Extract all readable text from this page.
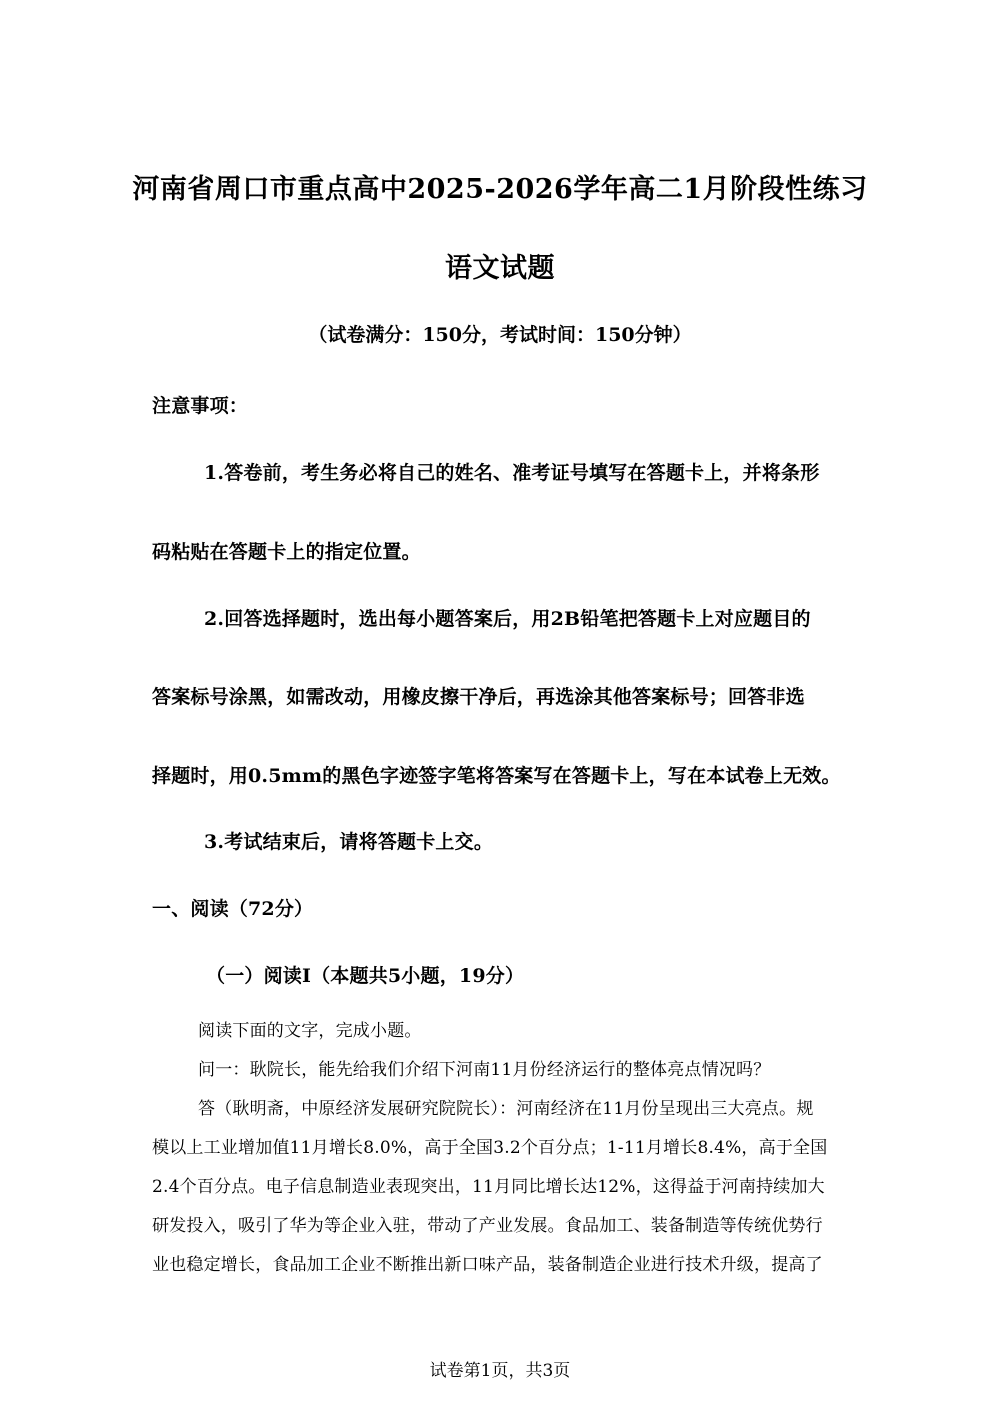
河南省周口市重点高中2025-2026学年高二1月阶段性练习
语文试题
（试卷满分：150分，考试时间：150分钟）
注意事项：
1.答卷前，考生务必将自己的姓名、准考证号填写在答题卡上，并将条形
码粘贴在答题卡上的指定位置。
2.回答选择题时，选出每小题答案后，用2B铅笔把答题卡上对应题目的
答案标号涂黑，如需改动，用橡皮擦干净后，再选涂其他答案标号；回答非选
择题时，用0.5mm的黑色字迹签字笔将答案写在答题卡上，写在本试卷上无效。
3.考试结束后，请将答题卡上交。
一、阅读（72分）
（一）阅读I（本题共5小题，19分）
阅读下面的文字，完成小题。
问一：耿院长，能先给我们介绍下河南11月份经济运行的整体亮点情况吗？
答（耿明斋，中原经济发展研究院院长）：河南经济在11月份呈现出三大亮点。规
模以上工业增加值11月增长8.0%，高于全国3.2个百分点；1-11月增长8.4%，高于全国
2.4个百分点。电子信息制造业表现突出，11月同比增长达12%，这得益于河南持续加大
研发投入，吸引了华为等企业入驻，带动了产业发展。食品加工、装备制造等传统优势行
业也稳定增长，食品加工企业不断推出新口味产品，装备制造企业进行技术升级，提高了
试卷第1页，共3页
